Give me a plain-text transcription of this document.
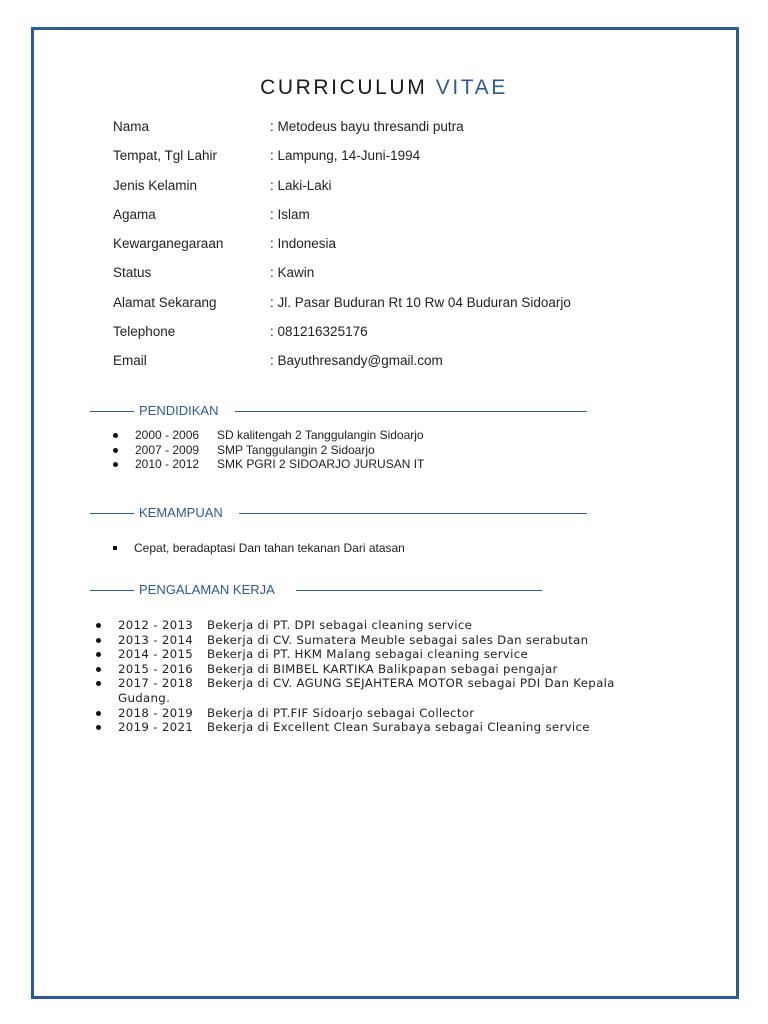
CURRICULUM VITAE
Nama	: Metodeus bayu thresandi putra
Tempat, Tgl Lahir	: Lampung, 14-Juni-1994
Jenis Kelamin	: Laki-Laki
Agama	: Islam
Kewarganegaraan	: Indonesia
Status	: Kawin
Alamat Sekarang	: Jl. Pasar Buduran Rt 10 Rw 04 Buduran Sidoarjo
Telephone	: 081216325176
Email	: Bayuthresandy@gmail.com
PENDIDIKAN
2000 - 2006 SD kalitengah 2 Tanggulangin Sidoarjo
2007 - 2009 SMP Tanggulangin 2 Sidoarjo
2010 - 2012 SMK PGRI 2 SIDOARJO JURUSAN IT
KEMAMPUAN
Cepat, beradaptasi Dan tahan tekanan Dari atasan
PENGALAMAN KERJA
2012 - 2013 Bekerja di PT. DPI sebagai cleaning service
2013 - 2014 Bekerja di CV. Sumatera Meuble sebagai sales Dan serabutan
2014 - 2015 Bekerja di PT. HKM Malang sebagai cleaning service
2015 - 2016 Bekerja di BIMBEL KARTIKA Balikpapan sebagai pengajar
2017 - 2018 Bekerja di CV. AGUNG SEJAHTERA MOTOR sebagai PDI Dan Kepala
Gudang.
2018 - 2019 Bekerja di PT.FIF Sidoarjo sebagai Collector
2019 - 2021 Bekerja di Excellent Clean Surabaya sebagai Cleaning service
